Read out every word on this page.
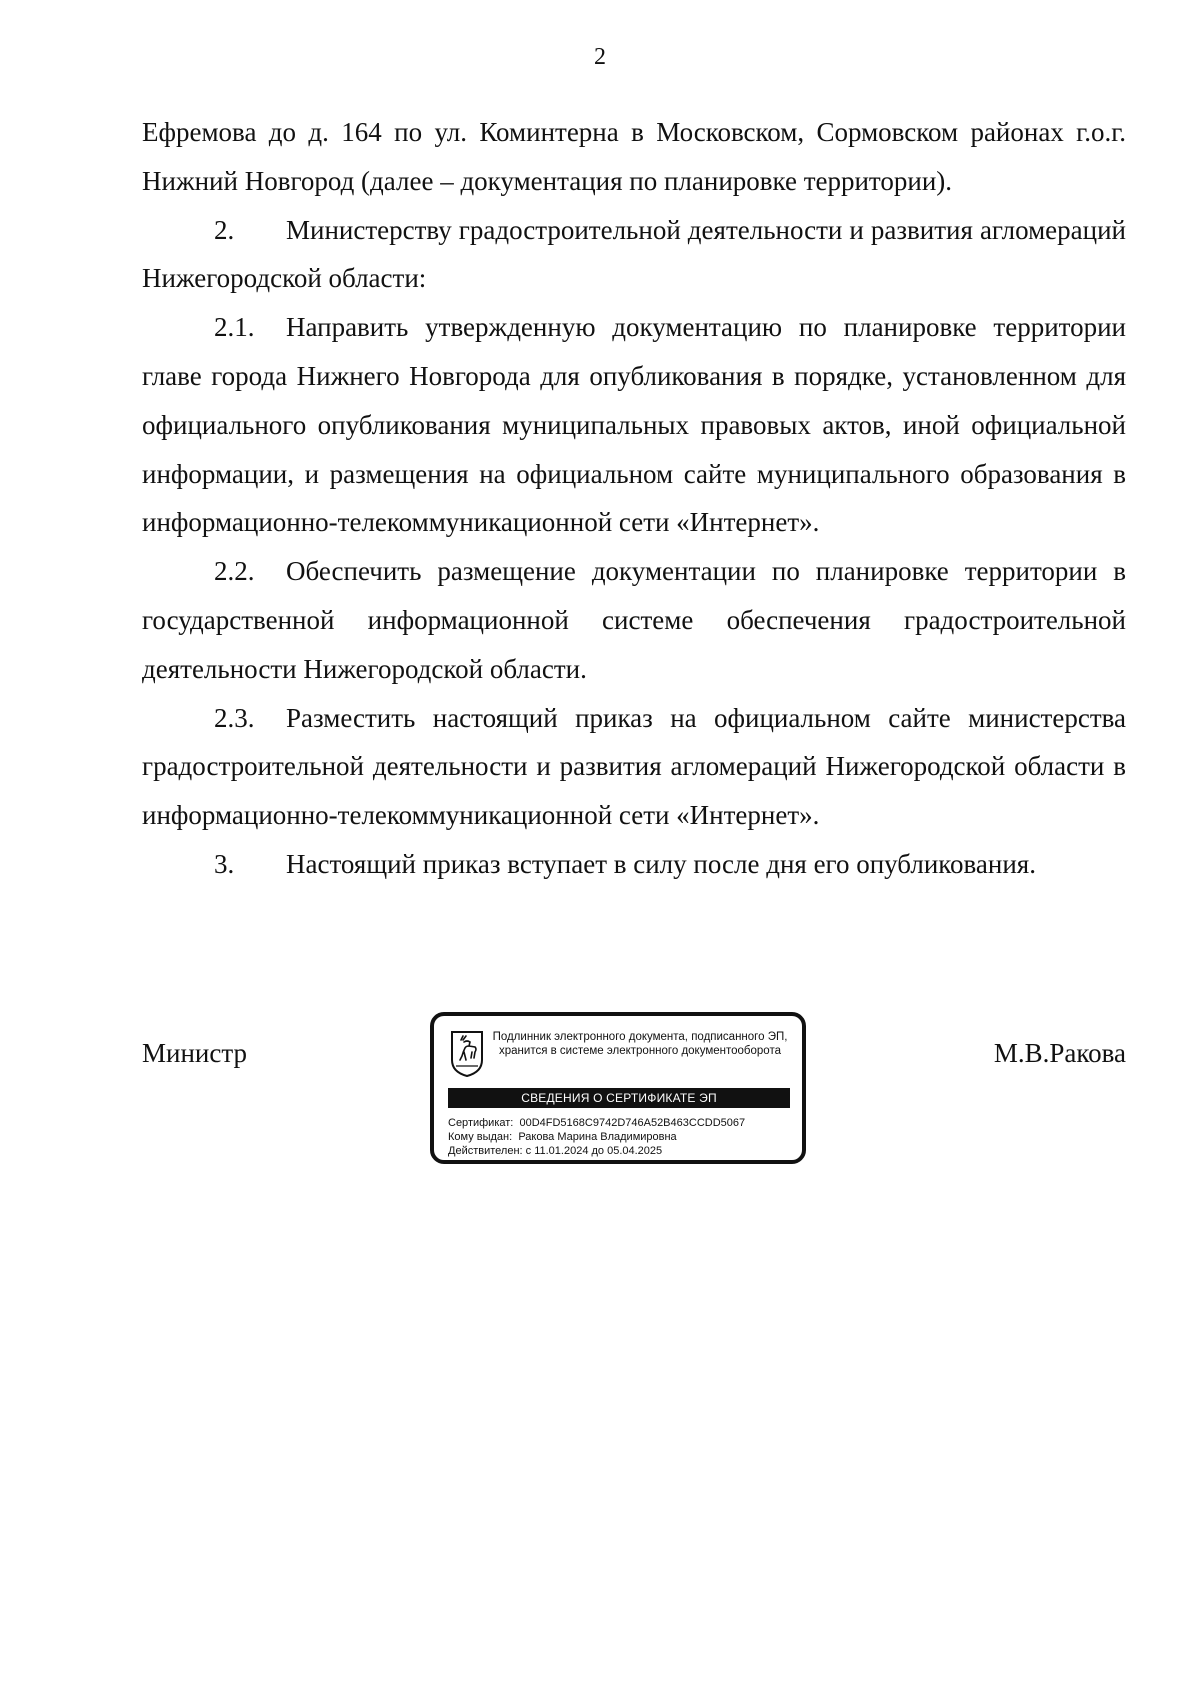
2

Ефремова до д. 164 по ул. Коминтерна в Московском, Сормовском районах г.о.г. Нижний Новгород (далее – документация по планировке территории).

2. Министерству градостроительной деятельности и развития агломераций Нижегородской области:

2.1. Направить утвержденную документацию по планировке территории главе города Нижнего Новгорода для опубликования в порядке, установленном для официального опубликования муниципальных правовых актов, иной официальной информации, и размещения на официальном сайте муниципального образования в информационно-телекоммуникационной сети «Интернет».

2.2. Обеспечить размещение документации по планировке территории в государственной информационной системе обеспечения градостроительной деятельности Нижегородской области.

2.3. Разместить настоящий приказ на официальном сайте министерства градостроительной деятельности и развития агломераций Нижегородской области в информационно-телекоммуникационной сети «Интернет».

3. Настоящий приказ вступает в силу после дня его опубликования.

Министр
Подлинник электронного документа, подписанного ЭП,
хранится в системе электронного документооборота
СВЕДЕНИЯ О СЕРТИФИКАТЕ ЭП
Сертификат: 00D4FD5168C9742D746A52B463CCDD5067
Кому выдан: Ракова Марина Владимировна
Действителен: с 11.01.2024 до 05.04.2025
М.В.Ракова
